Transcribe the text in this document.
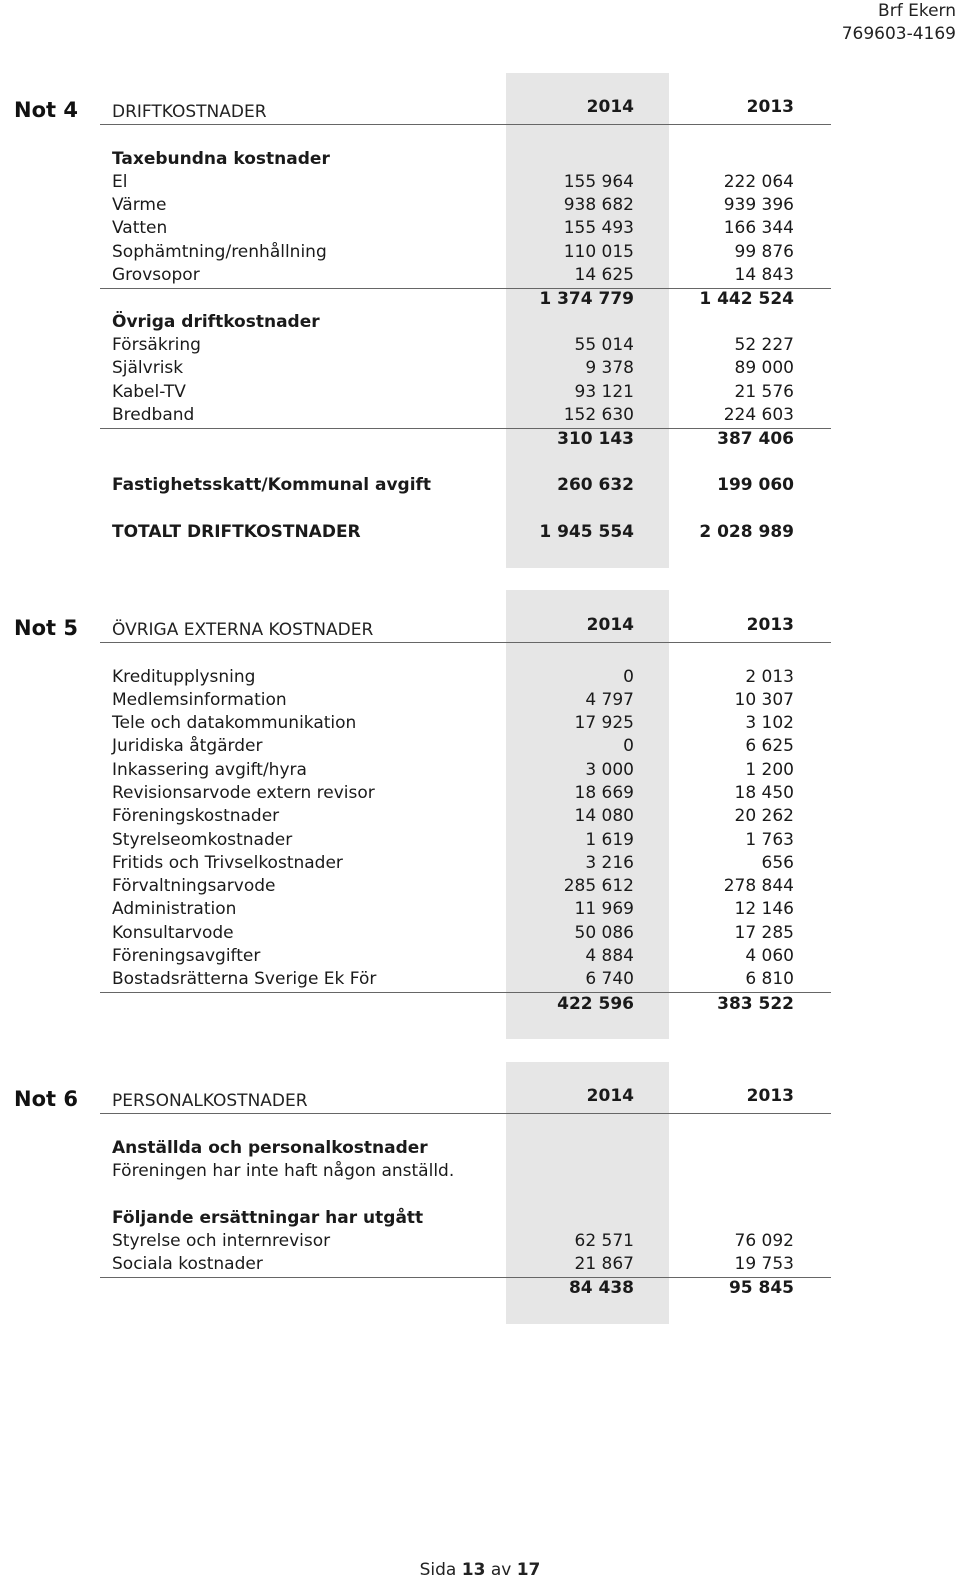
Brf Ekern
769603-4169
Not 4 DRIFTKOSTNADER	2014	2013
Taxebundna kostnader
El	155 964	222 064
Värme	938 682	939 396
Vatten	155 493	166 344
Sophämtning/renhållning	110 015	99 876
Grovsopor	14 625	14 843
1 374 779	1 442 524
Övriga driftkostnader
Försäkring	55 014	52 227
Självrisk	9 378	89 000
Kabel-TV	93 121	21 576
Bredband	152 630	224 603
310 143	387 406
Fastighetsskatt/Kommunal avgift	260 632	199 060
TOTALT DRIFTKOSTNADER	1 945 554	2 028 989
Not 5 ÖVRIGA EXTERNA KOSTNADER	2014	2013
Kreditupplysning	0	2 013
Medlemsinformation	4 797	10 307
Tele och datakommunikation	17 925	3 102
Juridiska åtgärder	0	6 625
Inkassering avgift/hyra	3 000	1 200
Revisionsarvode extern revisor	18 669	18 450
Föreningskostnader	14 080	20 262
Styrelseomkostnader	1 619	1 763
Fritids och Trivselkostnader	3 216	656
Förvaltningsarvode	285 612	278 844
Administration	11 969	12 146
Konsultarvode	50 086	17 285
Föreningsavgifter	4 884	4 060
Bostadsrätterna Sverige Ek För	6 740	6 810
422 596	383 522
Not 6 PERSONALKOSTNADER	2014	2013
Anställda och personalkostnader
Föreningen har inte haft någon anställd.
Följande ersättningar har utgått
Styrelse och internrevisor	62 571	76 092
Sociala kostnader	21 867	19 753
84 438	95 845
Sida 13 av 17
